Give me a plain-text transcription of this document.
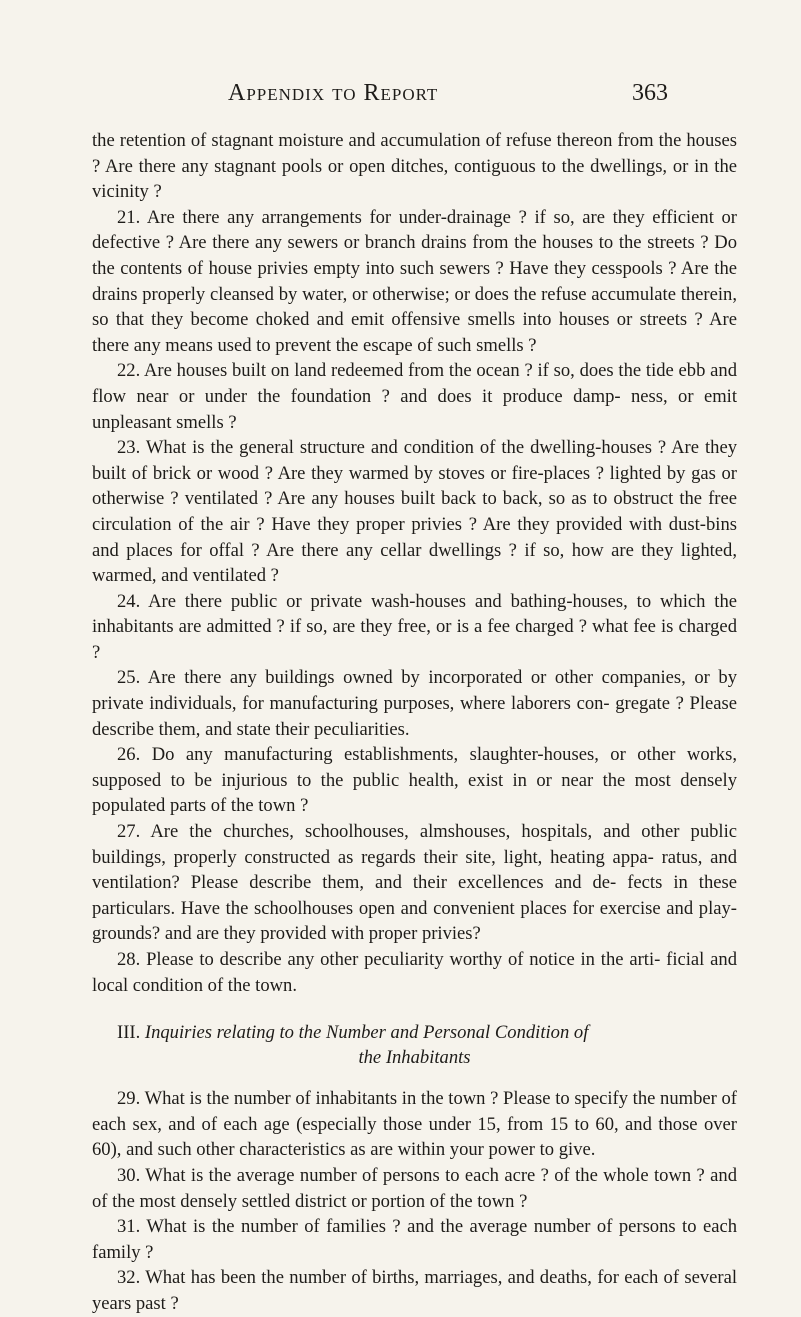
Appendix to Report	363

the retention of stagnant moisture and accumulation of refuse thereon from the houses ? Are there any stagnant pools or open ditches, contiguous to the dwellings, or in the vicinity ?

21. Are there any arrangements for under-drainage ? if so, are they efficient or defective ? Are there any sewers or branch drains from the houses to the streets ? Do the contents of house privies empty into such sewers ? Have they cesspools ? Are the drains properly cleansed by water, or otherwise; or does the refuse accumulate therein, so that they become choked and emit offensive smells into houses or streets ? Are there any means used to prevent the escape of such smells ?

22. Are houses built on land redeemed from the ocean ? if so, does the tide ebb and flow near or under the foundation ? and does it produce damp- ness, or emit unpleasant smells ?

23. What is the general structure and condition of the dwelling-houses ? Are they built of brick or wood ? Are they warmed by stoves or fire-places ? lighted by gas or otherwise ? ventilated ? Are any houses built back to back, so as to obstruct the free circulation of the air ? Have they proper privies ? Are they provided with dust-bins and places for offal ? Are there any cellar dwellings ? if so, how are they lighted, warmed, and ventilated ?

24. Are there public or private wash-houses and bathing-houses, to which the inhabitants are admitted ? if so, are they free, or is a fee charged ? what fee is charged ?

25. Are there any buildings owned by incorporated or other companies, or by private individuals, for manufacturing purposes, where laborers con- gregate ? Please describe them, and state their peculiarities.

26. Do any manufacturing establishments, slaughter-houses, or other works, supposed to be injurious to the public health, exist in or near the most densely populated parts of the town ?

27. Are the churches, schoolhouses, almshouses, hospitals, and other public buildings, properly constructed as regards their site, light, heating appa- ratus, and ventilation? Please describe them, and their excellences and de- fects in these particulars. Have the schoolhouses open and convenient places for exercise and play-grounds? and are they provided with proper privies?

28. Please to describe any other peculiarity worthy of notice in the arti- ficial and local condition of the town.

III. Inquiries relating to the Number and Personal Condition of
the Inhabitants

29. What is the number of inhabitants in the town ? Please to specify the number of each sex, and of each age (especially those under 15, from 15 to 60, and those over 60), and such other characteristics as are within your power to give.

30. What is the average number of persons to each acre ? of the whole town ? and of the most densely settled district or portion of the town ?

31. What is the number of families ? and the average number of persons to each family ?

32. What has been the number of births, marriages, and deaths, for each of several years past ?
